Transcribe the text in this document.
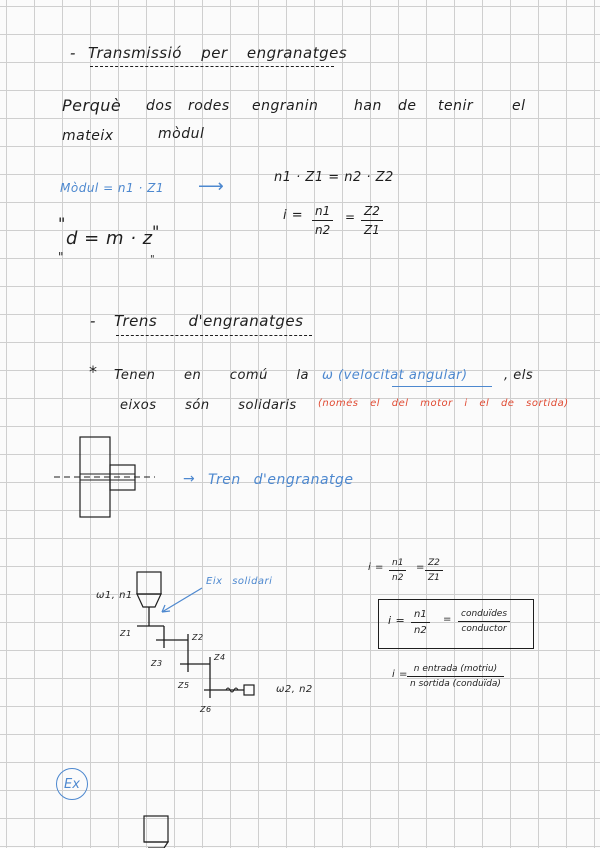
- Transmissió per engranatges
Perquè dos rodes engranin	han de tenir	el
mateix	mòdul
Mòdul = n1 · Z1 ⟶
"
d = m · z "
"	"
n1 · Z1 = n2 · Z2
i = n1
n2
= Z2
Z1
- Trens d'engranatges
* Tenen en comú la ω (velocitat angular)	, els
eixos són solidaris (només el del motor i el de sortida)
→ Tren d'engranatge
ω1, n1
Eix solidari
Z1	Z2
Z3
Z4
Z5
Z6
ω2, n2
i = n1
n2
= Z2
Z1
i = n1
n2
=	conduïdes
conductor
i = n entrada (motriu)
n sortida (conduïda)
Ex
